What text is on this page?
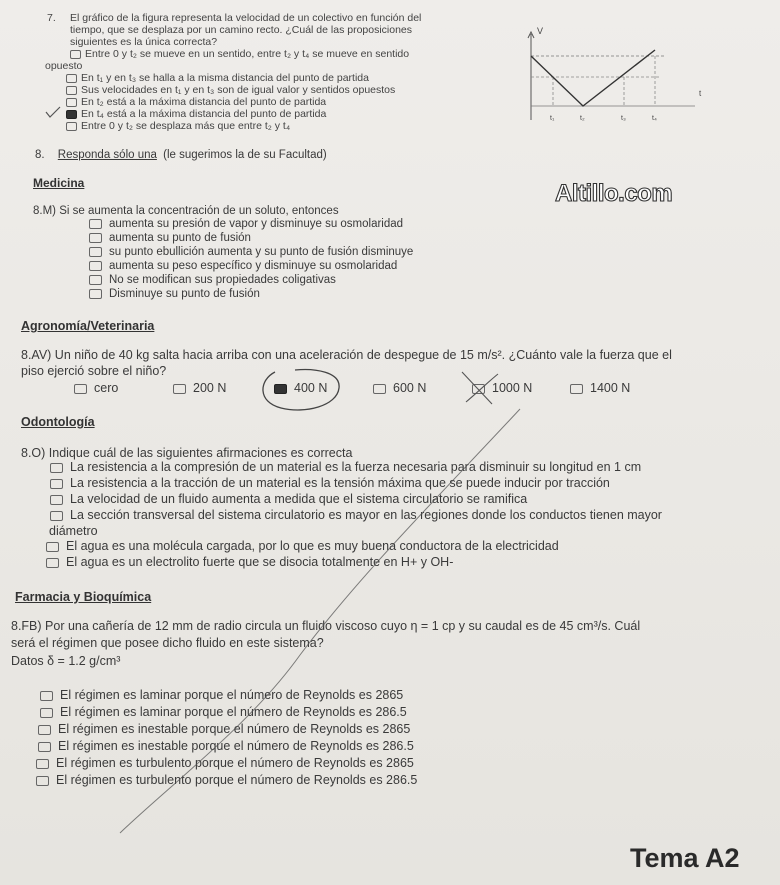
7. El gráfico de la figura representa la velocidad de un colectivo en función del
tiempo, que se desplaza por un camino recto. ¿Cuál de las proposiciones
siguientes es la única correcta?
Entre 0 y t₂ se mueve en un sentido, entre t₂ y t₄ se mueve en sentido
opuesto
En t₁ y en t₃ se halla a la misma distancia del punto de partida
Sus velocidades en t₁ y en t₃ son de igual valor y sentidos opuestos
En t₂ está a la máxima distancia del punto de partida
En t₄ está a la máxima distancia del punto de partida
Entre 0 y t₂ se desplaza más que entre t₂ y t₄
V
t
t₁	t₂	t₃	t₄
8. Responda sólo una (le sugerimos la de su Facultad)
Altillo.com
Medicina
8.M) Si se aumenta la concentración de un soluto, entonces
aumenta su presión de vapor y disminuye su osmolaridad
aumenta su punto de fusión
su punto ebullición aumenta y su punto de fusión disminuye
aumenta su peso específico y disminuye su osmolaridad
No se modifican sus propiedades coligativas
Disminuye su punto de fusión
Agronomía/Veterinaria
8.AV) Un niño de 40 kg salta hacia arriba con una aceleración de despegue de 15 m/s². ¿Cuánto vale la fuerza que el
piso ejerció sobre el niño?
cero	200 N	400 N	600 N	1000 N	1400 N
Odontología
8.O) Indique cuál de las siguientes afirmaciones es correcta
La resistencia a la compresión de un material es la fuerza necesaria para disminuir su longitud en 1 cm
La resistencia a la tracción de un material es la tensión máxima que se puede inducir por tracción
La velocidad de un fluido aumenta a medida que el sistema circulatorio se ramifica
La sección transversal del sistema circulatorio es mayor en las regiones donde los conductos tienen mayor
diámetro
El agua es una molécula cargada, por lo que es muy buena conductora de la electricidad
El agua es un electrolito fuerte que se disocia totalmente en H+ y OH-
Farmacia y Bioquímica
8.FB) Por una cañería de 12 mm de radio circula un fluido viscoso cuyo η = 1 cp y su caudal es de 45 cm³/s. Cuál
será el régimen que posee dicho fluido en este sistema?
Datos δ = 1.2 g/cm³
El régimen es laminar porque el número de Reynolds es 2865
El régimen es laminar porque el número de Reynolds es 286.5
El régimen es inestable porque el número de Reynolds es 2865
El régimen es inestable porque el número de Reynolds es 286.5
El régimen es turbulento porque el número de Reynolds es 2865
El régimen es turbulento porque el número de Reynolds es 286.5
Tema A2
